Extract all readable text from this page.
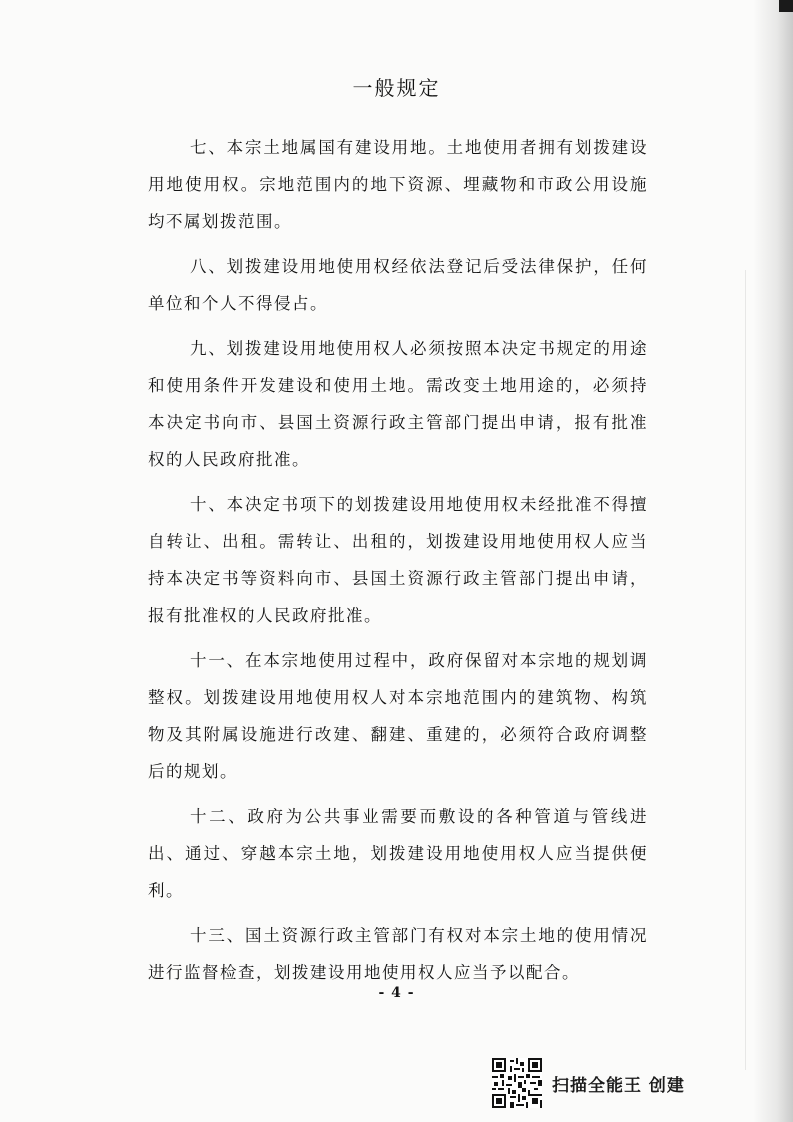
一般规定

七、本宗土地属国有建设用地。土地使用者拥有划拨建设用地使用权。宗地范围内的地下资源、埋藏物和市政公用设施均不属划拨范围。

八、划拨建设用地使用权经依法登记后受法律保护，任何单位和个人不得侵占。

九、划拨建设用地使用权人必须按照本决定书规定的用途和使用条件开发建设和使用土地。需改变土地用途的，必须持本决定书向市、县国土资源行政主管部门提出申请，报有批准权的人民政府批准。

十、本决定书项下的划拨建设用地使用权未经批准不得擅自转让、出租。需转让、出租的，划拨建设用地使用权人应当持本决定书等资料向市、县国土资源行政主管部门提出申请，报有批准权的人民政府批准。

十一、在本宗地使用过程中，政府保留对本宗地的规划调整权。划拨建设用地使用权人对本宗地范围内的建筑物、构筑物及其附属设施进行改建、翻建、重建的，必须符合政府调整后的规划。

十二、政府为公共事业需要而敷设的各种管道与管线进出、通过、穿越本宗土地，划拨建设用地使用权人应当提供便利。

十三、国土资源行政主管部门有权对本宗土地的使用情况进行监督检查，划拨建设用地使用权人应当予以配合。

- 4 -
扫描全能王 创建
